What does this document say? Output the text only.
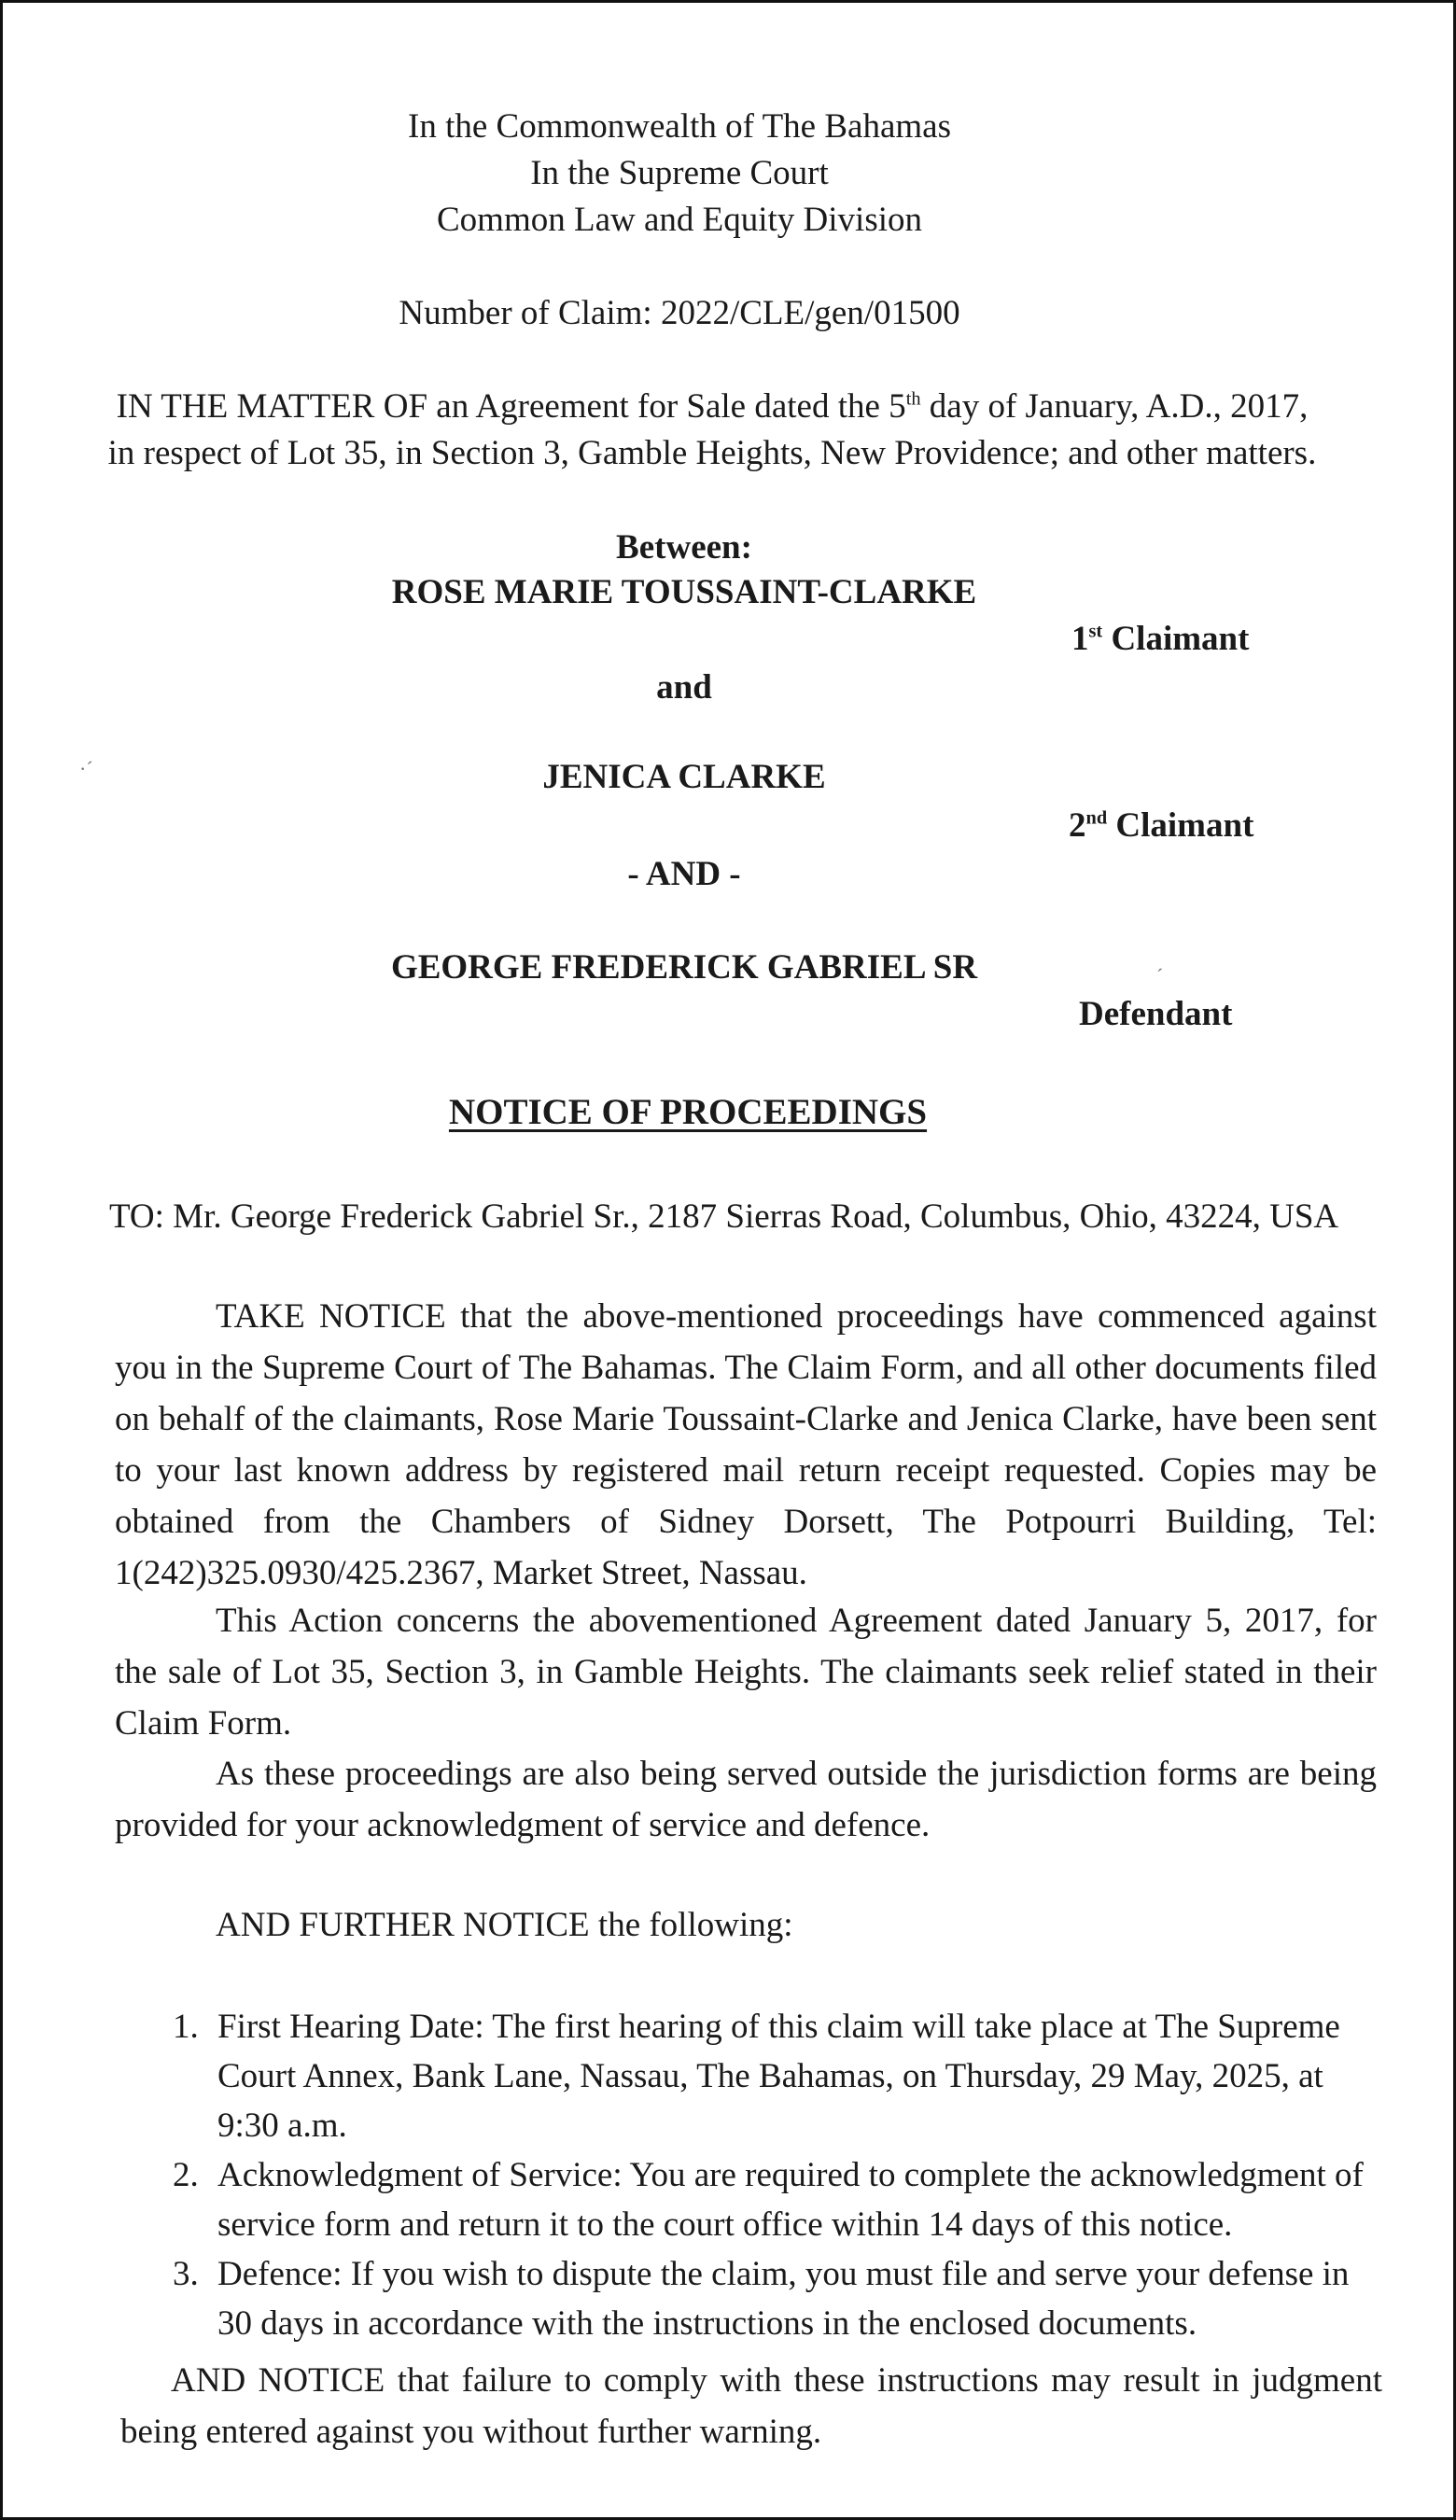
In the Commonwealth of The Bahamas
In the Supreme Court
Common Law and Equity Division
Number of Claim: 2022/CLE/gen/01500
IN THE MATTER OF an Agreement for Sale dated the 5th day of January, A.D., 2017,
in respect of Lot 35, in Section 3, Gamble Heights, New Providence; and other matters.
Between:
ROSE MARIE TOUSSAINT-CLARKE
1st Claimant
and
JENICA CLARKE
2nd Claimant
- AND -
GEORGE FREDERICK GABRIEL SR
Defendant
NOTICE OF PROCEEDINGS
TO: Mr. George Frederick Gabriel Sr., 2187 Sierras Road, Columbus, Ohio, 43224, USA
TAKE NOTICE that the above-mentioned proceedings have commenced against you in the Supreme Court of The Bahamas. The Claim Form, and all other documents filed on behalf of the claimants, Rose Marie Toussaint-Clarke and Jenica Clarke, have been sent to your last known address by registered mail return receipt requested. Copies may be obtained from the Chambers of Sidney Dorsett, The Potpourri Building, Tel: 1(242)325.0930/425.2367, Market Street, Nassau.
This Action concerns the abovementioned Agreement dated January 5, 2017, for the sale of Lot 35, Section 3, in Gamble Heights. The claimants seek relief stated in their Claim Form.
As these proceedings are also being served outside the jurisdiction forms are being provided for your acknowledgment of service and defence.
AND FURTHER NOTICE the following:
1. First Hearing Date: The first hearing of this claim will take place at The Supreme Court Annex, Bank Lane, Nassau, The Bahamas, on Thursday, 29 May, 2025, at 9:30 a.m.
2. Acknowledgment of Service: You are required to complete the acknowledgment of service form and return it to the court office within 14 days of this notice.
3. Defence: If you wish to dispute the claim, you must file and serve your defense in 30 days in accordance with the instructions in the enclosed documents.
AND NOTICE that failure to comply with these instructions may result in judgment being entered against you without further warning.
·ˊ
ˊ
